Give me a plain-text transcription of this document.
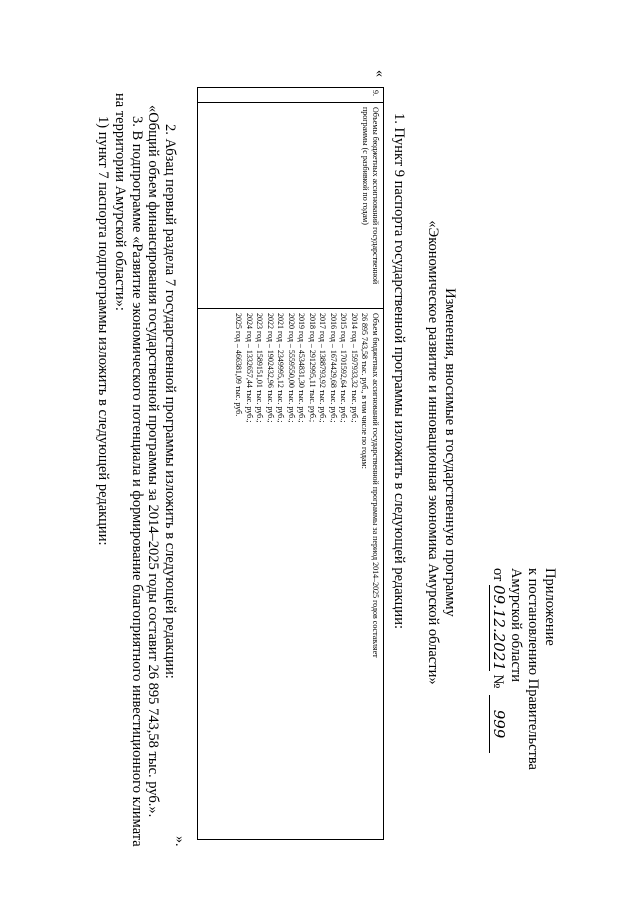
Приложение
к постановлению Правительства
Амурской области
от 09.12.2021 № 999
Изменения, вносимые в государственную программу
«Экономическое развитие и инновационная экономика Амурской области»
1. Пункт 9 паспорта государственной программы изложить в следующей редакции:
«
9.
Объемы бюджетных ассигнований государственной программы (с разбивкой по годам)
Объем бюджетных ассигнований государственной программы за период 2014–2025 годов составляет
26 895 743,58 тыс. руб., в том числе по годам:
2014 год – 1597933,32 тыс. руб.;
2015 год – 1701592,64 тыс. руб.;
2016 год – 1674429,68 тыс. руб.;
2017 год – 1388793,92 тыс. руб.;
2018 год – 2912995,11 тыс. руб.;
2019 год – 4534831,30 тыс. руб.;
2020 год – 5559550,00 тыс. руб.;
2021 год – 2349995,12 тыс. руб.;
2022 год – 1902432,96 тыс. руб.;
2023 год – 1589151,01 тыс. руб.;
2024 год – 1332657,44 тыс. руб.;
2025 год – 466381,09 тыс. руб.
».
2. Абзац первый раздела 7 государственной программы изложить в следующей редакции:
«Общий объем финансирования государственной программы за 2014–2025 годы составит 26 895 743,58 тыс. руб.».
3. В подпрограмме «Развитие экономического потенциала и формирование благоприятного инвестиционного климата
на территории Амурской области»:
1) пункт 7 паспорта подпрограммы изложить в следующей редакции:
